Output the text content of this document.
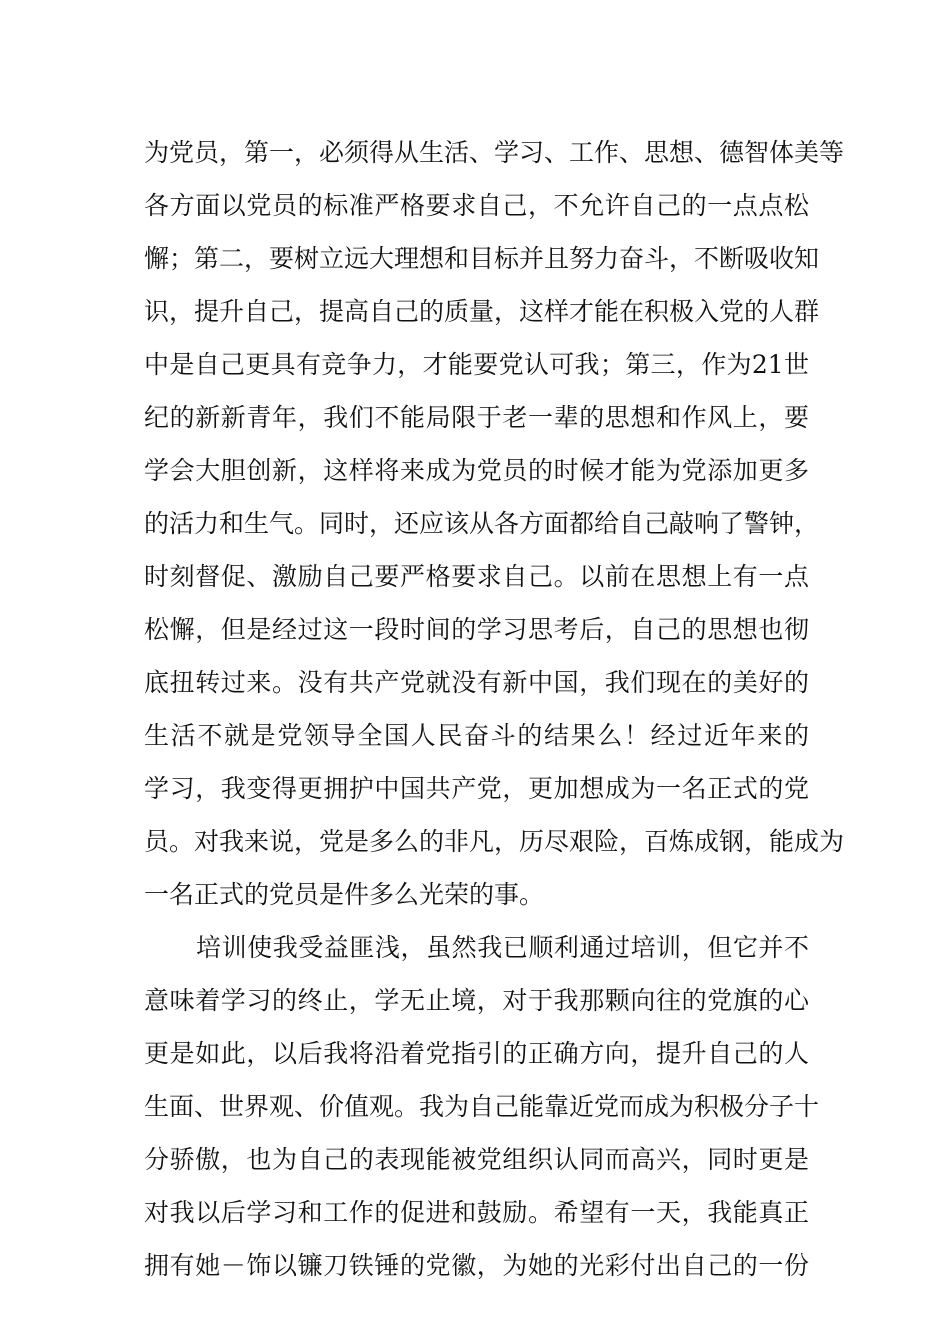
为党员，第一，必须得从生活、学习、工作、思想、德智体美等
各方面以党员的标准严格要求自己，不允许自己的一点点松
懈；第二，要树立远大理想和目标并且努力奋斗，不断吸收知
识，提升自己，提高自己的质量，这样才能在积极入党的人群
中是自己更具有竞争力，才能要党认可我；第三，作为21世
纪的新新青年，我们不能局限于老一辈的思想和作风上，要
学会大胆创新，这样将来成为党员的时候才能为党添加更多
的活力和生气。同时，还应该从各方面都给自己敲响了警钟，
时刻督促、激励自己要严格要求自己。以前在思想上有一点
松懈，但是经过这一段时间的学习思考后，自己的思想也彻
底扭转过来。没有共产党就没有新中国，我们现在的美好的
生活不就是党领导全国人民奋斗的结果么！经过近年来的
学习，我变得更拥护中国共产党，更加想成为一名正式的党
员。对我来说，党是多么的非凡，历尽艰险，百炼成钢，能成为
一名正式的党员是件多么光荣的事。
培训使我受益匪浅，虽然我已顺利通过培训，但它并不
意味着学习的终止，学无止境，对于我那颗向往的党旗的心
更是如此，以后我将沿着党指引的正确方向，提升自己的人
生面、世界观、价值观。我为自己能靠近党而成为积极分子十
分骄傲，也为自己的表现能被党组织认同而高兴，同时更是
对我以后学习和工作的促进和鼓励。希望有一天，我能真正
拥有她－饰以镰刀铁锤的党徽，为她的光彩付出自己的一份
